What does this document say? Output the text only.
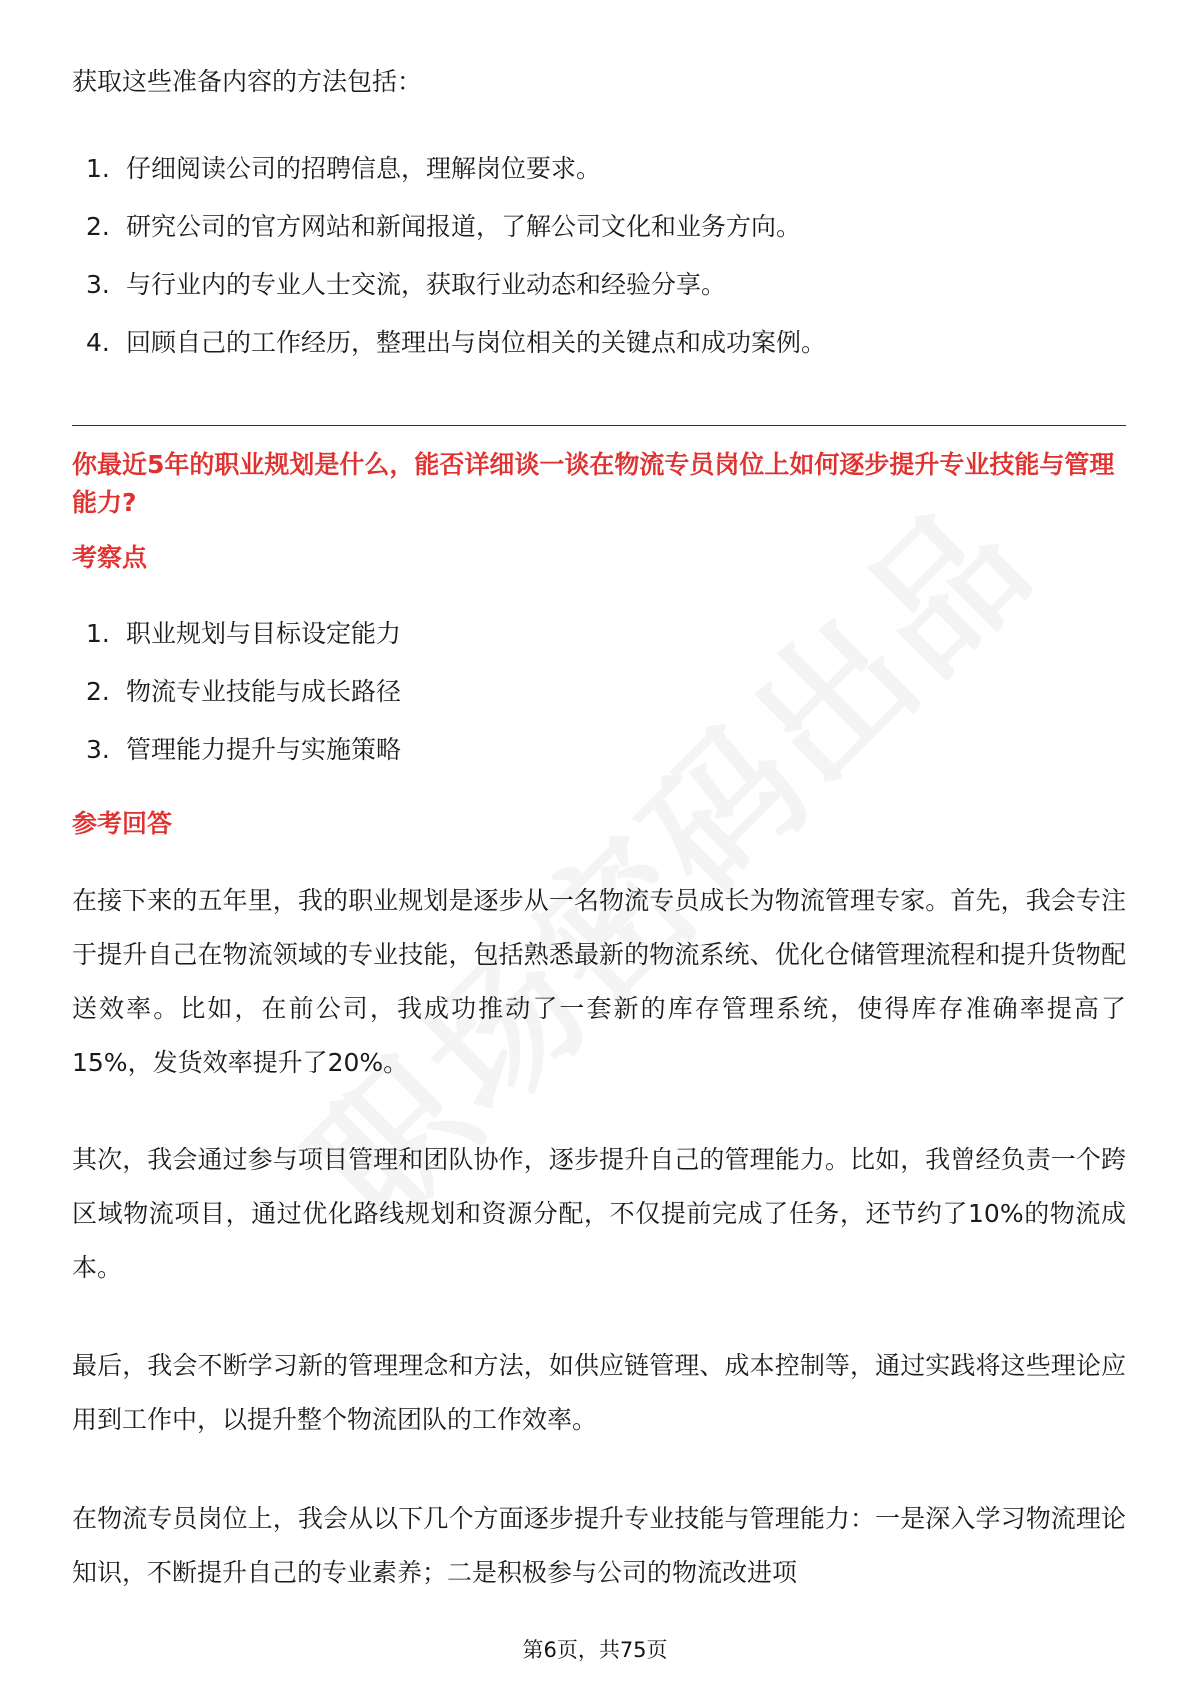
获取这些准备内容的方法包括：

1. 仔细阅读公司的招聘信息，理解岗位要求。
2. 研究公司的官方网站和新闻报道，了解公司文化和业务方向。
3. 与行业内的专业人士交流，获取行业动态和经验分享。
4. 回顾自己的工作经历，整理出与岗位相关的关键点和成功案例。
你最近5年的职业规划是什么，能否详细谈一谈在物流专员岗位上如何逐步提升专业技能与管理能力?
考察点
1. 职业规划与目标设定能力
2. 物流专业技能与成长路径
3. 管理能力提升与实施策略
参考回答

在接下来的五年里，我的职业规划是逐步从一名物流专员成长为物流管理专家。首先，我会专注于提升自己在物流领域的专业技能，包括熟悉最新的物流系统、优化仓储管理流程和提升货物配送效率。比如，在前公司，我成功推动了一套新的库存管理系统，使得库存准确率提高了15%，发货效率提升了20%。

其次，我会通过参与项目管理和团队协作，逐步提升自己的管理能力。比如，我曾经负责一个跨区域物流项目，通过优化路线规划和资源分配，不仅提前完成了任务，还节约了10%的物流成本。

最后，我会不断学习新的管理理念和方法，如供应链管理、成本控制等，通过实践将这些理论应用到工作中，以提升整个物流团队的工作效率。

在物流专员岗位上，我会从以下几个方面逐步提升专业技能与管理能力：一是深入学习物流理论知识，不断提升自己的专业素养；二是积极参与公司的物流改进项

第6页，共75页
